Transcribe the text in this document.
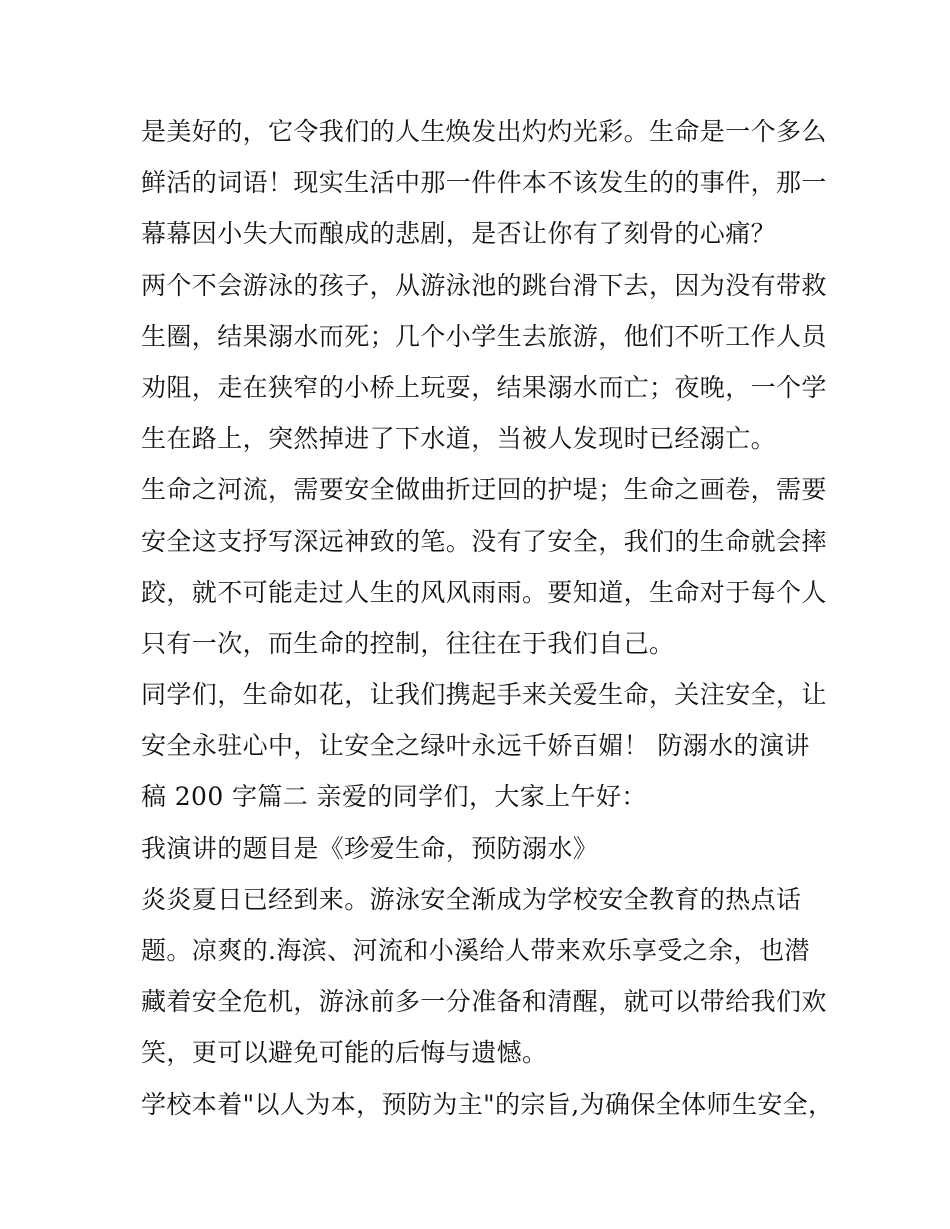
是美好的，它令我们的人生焕发出灼灼光彩。生命是一个多么
鲜活的词语！现实生活中那一件件本不该发生的的事件，那一
幕幕因小失大而酿成的悲剧，是否让你有了刻骨的心痛？
两个不会游泳的孩子，从游泳池的跳台滑下去，因为没有带救
生圈，结果溺水而死；几个小学生去旅游，他们不听工作人员
劝阻，走在狭窄的小桥上玩耍，结果溺水而亡；夜晚，一个学
生在路上，突然掉进了下水道，当被人发现时已经溺亡。
生命之河流，需要安全做曲折迂回的护堤；生命之画卷，需要
安全这支抒写深远神致的笔。没有了安全，我们的生命就会摔
跤，就不可能走过人生的风风雨雨。要知道，生命对于每个人
只有一次，而生命的控制，往往在于我们自己。
同学们，生命如花，让我们携起手来关爱生命，关注安全，让
安全永驻心中，让安全之绿叶永远千娇百媚！ 防溺水的演讲
稿 200 字篇二 亲爱的同学们，大家上午好：
我演讲的题目是《珍爱生命，预防溺水》
炎炎夏日已经到来。游泳安全渐成为学校安全教育的热点话
题。凉爽的.海滨、河流和小溪给人带来欢乐享受之余，也潜
藏着安全危机，游泳前多一分准备和清醒，就可以带给我们欢
笑，更可以避免可能的后悔与遗憾。
学校本着"以人为本，预防为主"的宗旨,为确保全体师生安全，
